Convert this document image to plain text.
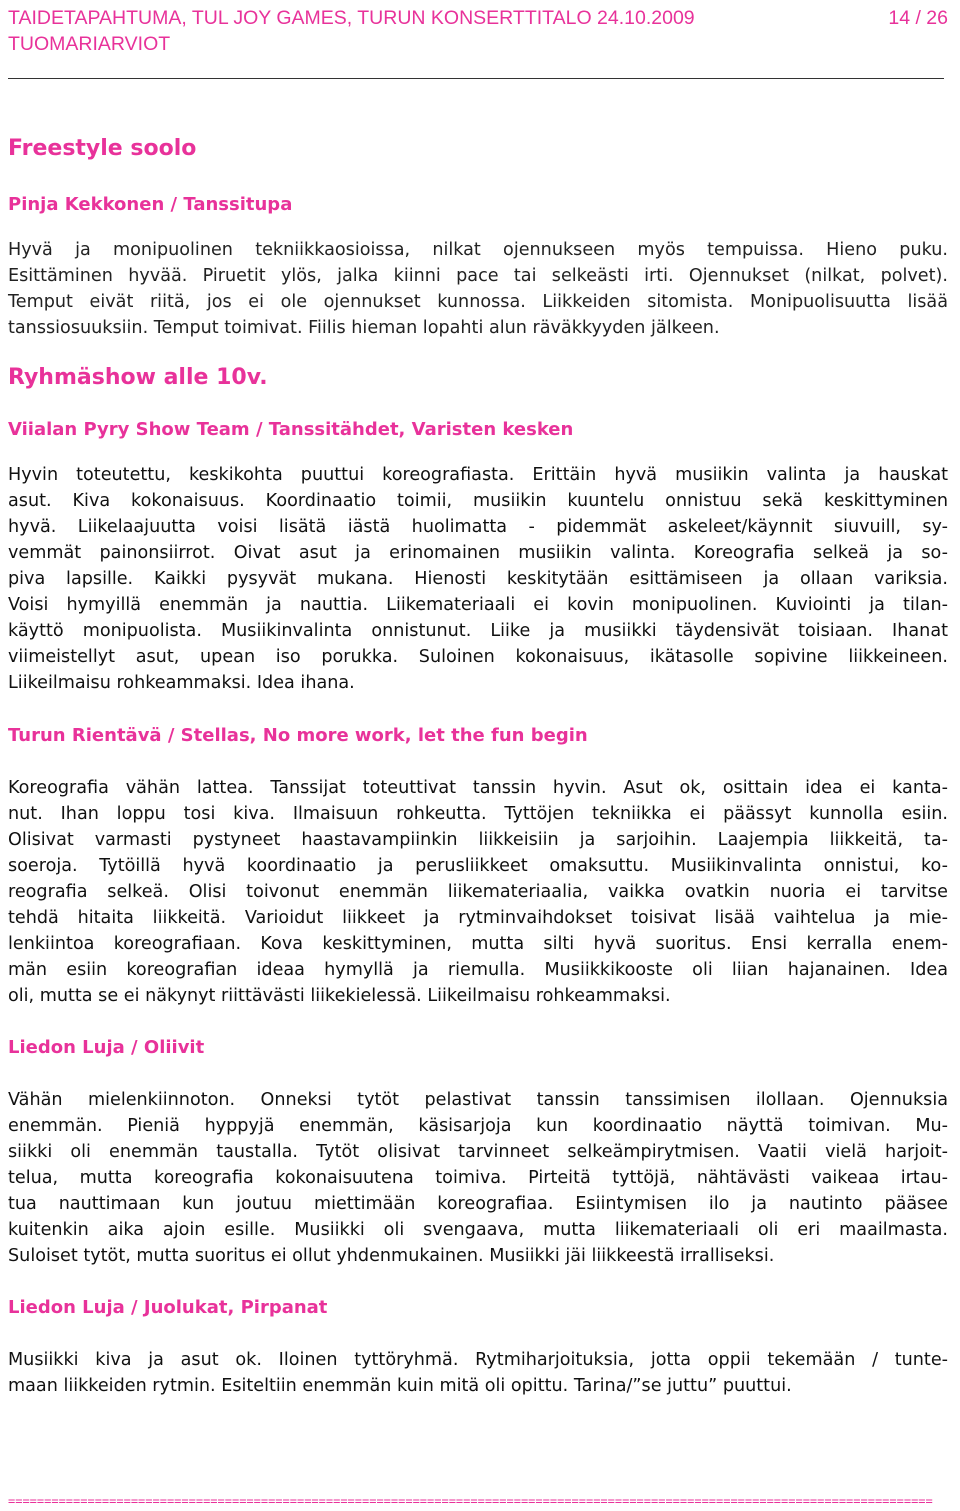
TAIDETAPAHTUMA, TUL JOY GAMES, TURUN KONSERTTITALO 24.10.2009	14 / 26
TUOMARIARVIOT
Freestyle soolo
Pinja Kekkonen / Tanssitupa

Hyvä ja monipuolinen tekniikkaosioissa, nilkat ojennukseen myös tempuissa. Hieno puku.
Esittäminen hyvää. Piruetit ylös, jalka kiinni pace tai selkeästi irti. Ojennukset (nilkat, polvet).
Temput eivät riitä, jos ei ole ojennukset kunnossa. Liikkeiden sitomista. Monipuolisuutta lisää
tanssiosuuksiin. Temput toimivat. Fiilis hieman lopahti alun räväkkyyden jälkeen.

Ryhmäshow alle 10v.
Viialan Pyry Show Team / Tanssitähdet, Varisten kesken

Hyvin toteutettu, keskikohta puuttui koreografiasta. Erittäin hyvä musiikin valinta ja hauskat
asut. Kiva kokonaisuus. Koordinaatio toimii, musiikin kuuntelu onnistuu sekä keskittyminen
hyvä. Liikelaajuutta voisi lisätä iästä huolimatta - pidemmät askeleet/käynnit siuvuill, sy-
vemmät painonsiirrot. Oivat asut ja erinomainen musiikin valinta. Koreografia selkeä ja so-
piva lapsille. Kaikki pysyvät mukana. Hienosti keskitytään esittämiseen ja ollaan variksia.
Voisi hymyillä enemmän ja nauttia. Liikemateriaali ei kovin monipuolinen. Kuviointi ja tilan-
käyttö monipuolista. Musiikinvalinta onnistunut. Liike ja musiikki täydensivät toisiaan. Ihanat
viimeistellyt asut, upean iso porukka. Suloinen kokonaisuus, ikätasolle sopivine liikkeineen.
Liikeilmaisu rohkeammaksi. Idea ihana.

Turun Rientävä / Stellas, No more work, let the fun begin

Koreografia vähän lattea. Tanssijat toteuttivat tanssin hyvin. Asut ok, osittain idea ei kanta-
nut. Ihan loppu tosi kiva. Ilmaisuun rohkeutta. Tyttöjen tekniikka ei päässyt kunnolla esiin.
Olisivat varmasti pystyneet haastavampiinkin liikkeisiin ja sarjoihin. Laajempia liikkeitä, ta-
soeroja. Tytöillä hyvä koordinaatio ja perusliikkeet omaksuttu. Musiikinvalinta onnistui, ko-
reografia selkeä. Olisi toivonut enemmän liikemateriaalia, vaikka ovatkin nuoria ei tarvitse
tehdä hitaita liikkeitä. Varioidut liikkeet ja rytminvaihdokset toisivat lisää vaihtelua ja mie-
lenkiintoa koreografiaan. Kova keskittyminen, mutta silti hyvä suoritus. Ensi kerralla enem-
män esiin koreografian ideaa hymyllä ja riemulla. Musiikkikooste oli liian hajanainen. Idea
oli, mutta se ei näkynyt riittävästi liikekielessä. Liikeilmaisu rohkeammaksi.

Liedon Luja / Oliivit

Vähän mielenkiinnoton. Onneksi tytöt pelastivat tanssin tanssimisen ilollaan. Ojennuksia
enemmän. Pieniä hyppyjä enemmän, käsisarjoja kun koordinaatio näyttä toimivan. Mu-
siikki oli enemmän taustalla. Tytöt olisivat tarvinneet selkeämpirytmisen. Vaatii vielä harjoit-
telua, mutta koreografia kokonaisuutena toimiva. Pirteitä tyttöjä, nähtävästi vaikeaa irtau-
tua nauttimaan kun joutuu miettimään koreografiaa. Esiintymisen ilo ja nautinto pääsee
kuitenkin aika ajoin esille. Musiikki oli svengaava, mutta liikemateriaali oli eri maailmasta.
Suloiset tytöt, mutta suoritus ei ollut yhdenmukainen. Musiikki jäi liikkeestä irralliseksi.

Liedon Luja / Juolukat, Pirpanat

Musiikki kiva ja asut ok. Iloinen tyttöryhmä. Rytmiharjoituksia, jotta oppii tekemään / tunte-
maan liikkeiden rytmin. Esiteltiin enemmän kuin mitä oli opittu. Tarina/”se juttu” puuttui.

================================================================================================================================
